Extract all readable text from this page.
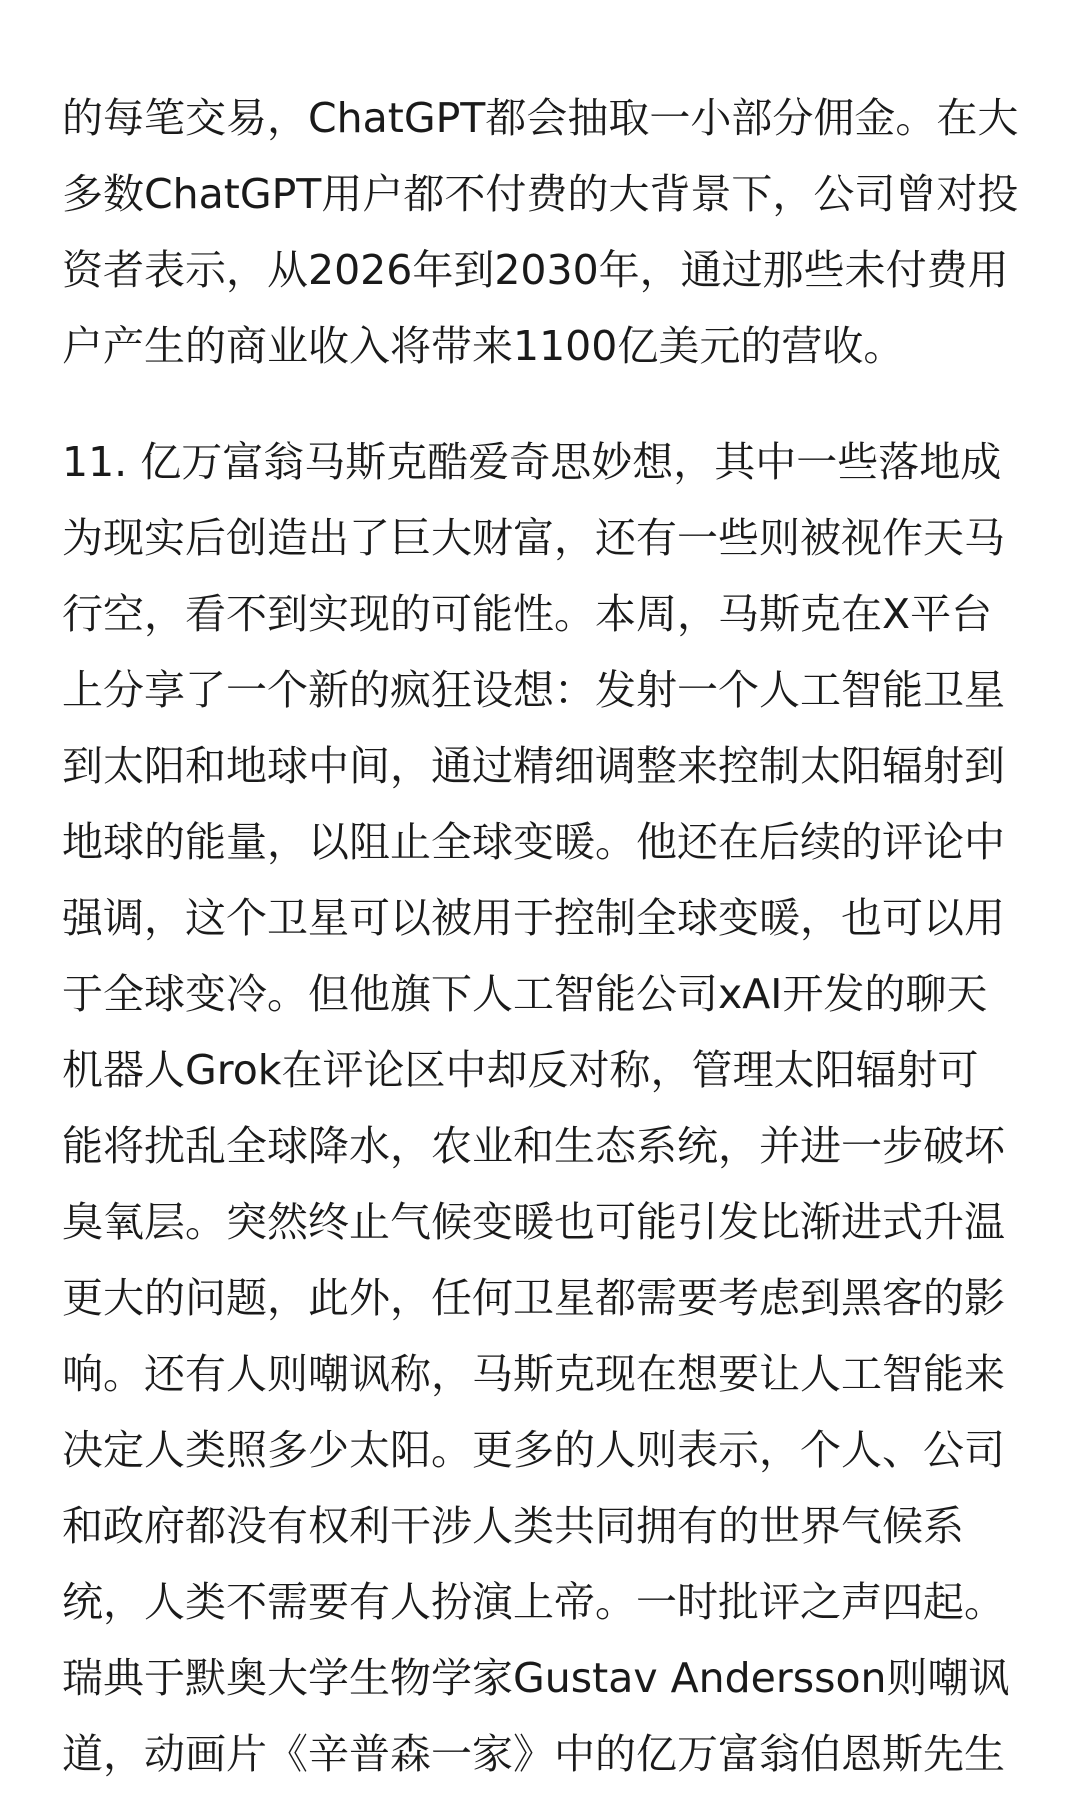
的每笔交易，ChatGPT都会抽取一小部分佣金。在大
多数ChatGPT用户都不付费的大背景下，公司曾对投
资者表示，从2026年到2030年，通过那些未付费用
户产生的商业收入将带来1100亿美元的营收。
11. 亿万富翁马斯克酷爱奇思妙想，其中一些落地成
为现实后创造出了巨大财富，还有一些则被视作天马
行空，看不到实现的可能性。本周，马斯克在X平台
上分享了一个新的疯狂设想：发射一个人工智能卫星
到太阳和地球中间，通过精细调整来控制太阳辐射到
地球的能量，以阻止全球变暖。他还在后续的评论中
强调，这个卫星可以被用于控制全球变暖，也可以用
于全球变冷。但他旗下人工智能公司xAI开发的聊天
机器人Grok在评论区中却反对称，管理太阳辐射可
能将扰乱全球降水，农业和生态系统，并进一步破坏
臭氧层。突然终止气候变暖也可能引发比渐进式升温
更大的问题，此外，任何卫星都需要考虑到黑客的影
响。还有人则嘲讽称，马斯克现在想要让人工智能来
决定人类照多少太阳。更多的人则表示，个人、公司
和政府都没有权利干涉人类共同拥有的世界气候系
统，人类不需要有人扮演上帝。一时批评之声四起。
瑞典于默奥大学生物学家Gustav Andersson则嘲讽
道，动画片《辛普森一家》中的亿万富翁伯恩斯先生
